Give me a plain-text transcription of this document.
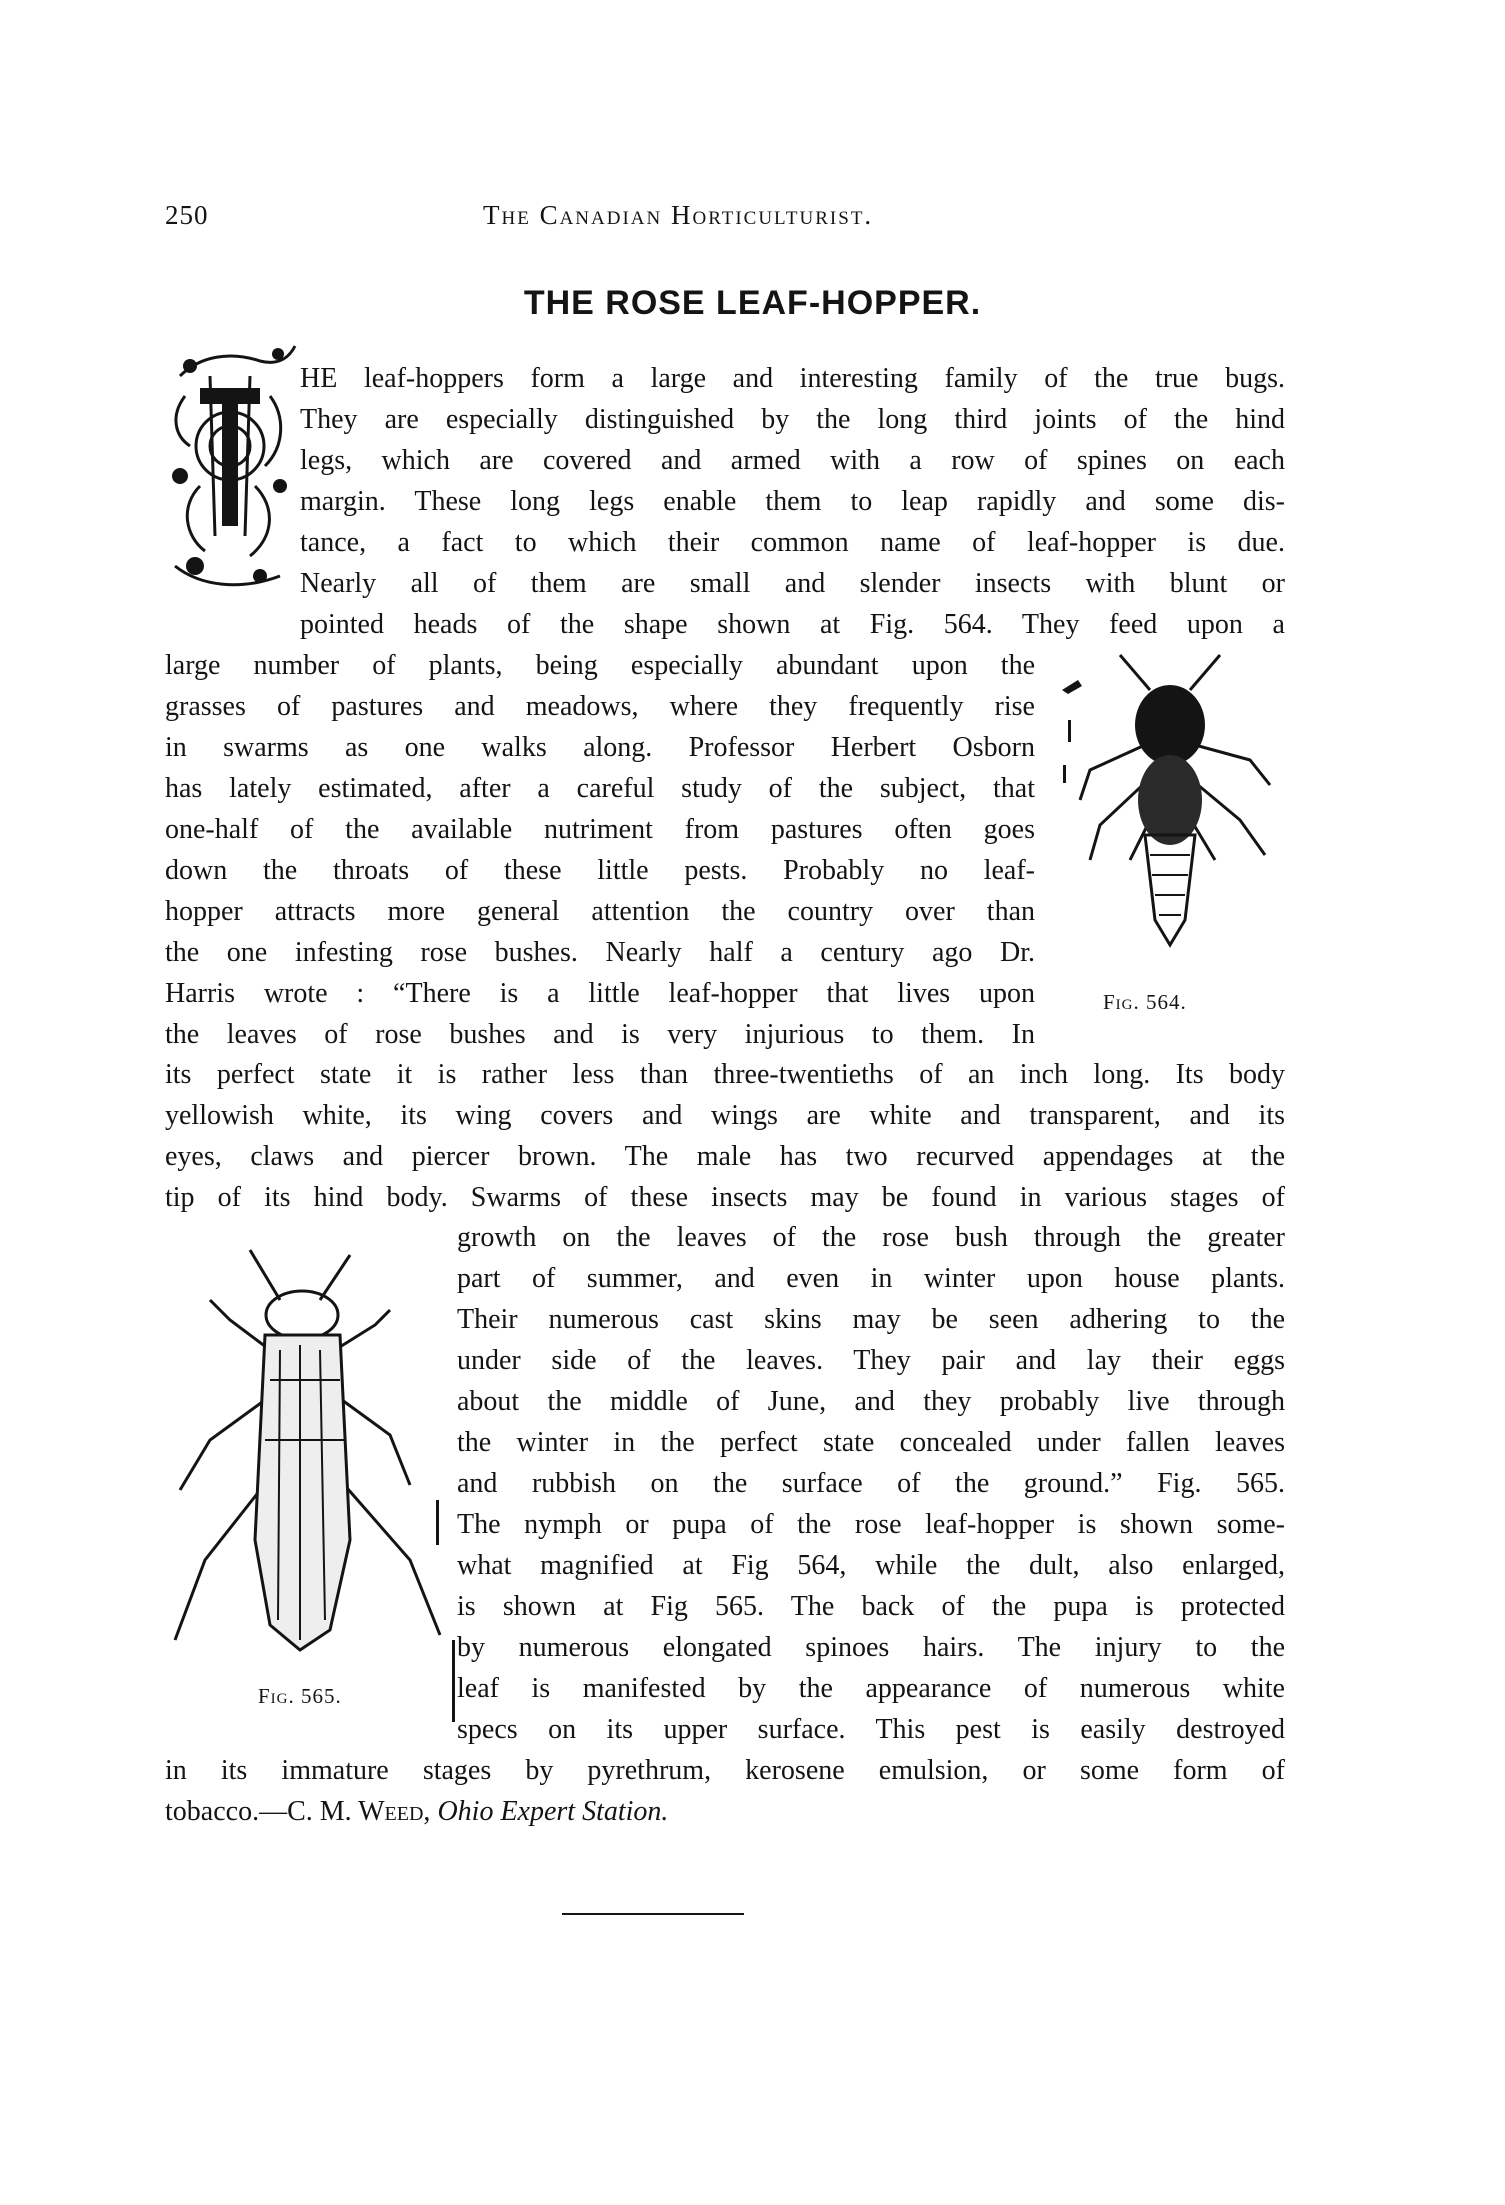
250	The Canadian Horticulturist.
THE ROSE LEAF-HOPPER.
HE leaf-hoppers form a large and interesting family of the true bugs.
They are especially distinguished by the long third joints of the hind
legs, which are covered and armed with a row of spines on each
margin. These long legs enable them to leap rapidly and some dis-
tance, a fact to which their common name of leaf-hopper is due.
Nearly all of them are small and slender insects with blunt or
pointed heads of the shape shown at Fig. 564. They feed upon a
large number of plants, being especially abundant upon the
grasses of pastures and meadows, where they frequently rise
in swarms as one walks along. Professor Herbert Osborn
has lately estimated, after a careful study of the subject, that
one-half of the available nutriment from pastures often goes
down the throats of these little pests. Probably no leaf-
hopper attracts more general attention the country over than
the one infesting rose bushes. Nearly half a century ago Dr.
Harris wrote : “There is a little leaf-hopper that lives upon
the leaves of rose bushes and is very injurious to them. In
Fig. 564.
its perfect state it is rather less than three-twentieths of an inch long. Its body
yellowish white, its wing covers and wings are white and transparent, and its
eyes, claws and piercer brown. The male has two recurved appendages at the
tip of its hind body. Swarms of these insects may be found in various stages of
Fig. 565.
growth on the leaves of the rose bush through the greater
part of summer, and even in winter upon house plants.
Their numerous cast skins may be seen adhering to the
under side of the leaves. They pair and lay their eggs
about the middle of June, and they probably live through
the winter in the perfect state concealed under fallen leaves
and rubbish on the surface of the ground.” Fig. 565.
The nymph or pupa of the rose leaf-hopper is shown some-
what magnified at Fig 564, while the dult, also enlarged,
is shown at Fig 565. The back of the pupa is protected
by numerous elongated spinoes hairs. The injury to the
leaf is manifested by the appearance of numerous white
specs on its upper surface. This pest is easily destroyed
in its immature stages by pyrethrum, kerosene emulsion, or some form of
tobacco.—C. M. Weed, Ohio Expert Station.
